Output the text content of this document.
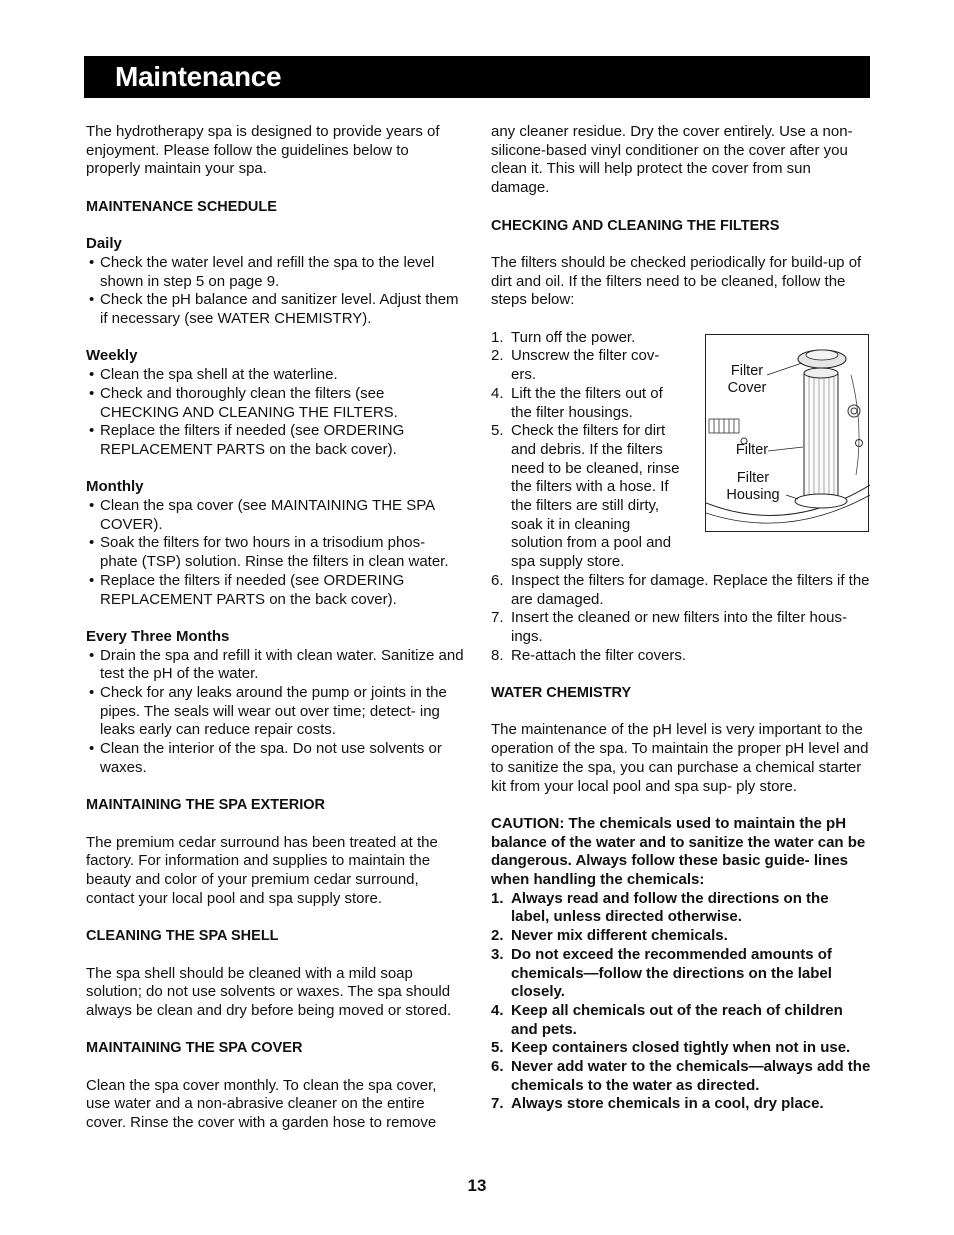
Maintenance

The hydrotherapy spa is designed to provide years of enjoyment. Please follow the guidelines below to properly maintain your spa.

MAINTENANCE SCHEDULE

Daily

• Check the water level and refill the spa to the level shown in step 5 on page 9.
• Check the pH balance and sanitizer level. Adjust them if necessary (see WATER CHEMISTRY).

Weekly

• Clean the spa shell at the waterline.
• Check and thoroughly clean the filters (see CHECKING AND CLEANING THE FILTERS.
• Replace the filters if needed (see ORDERING REPLACEMENT PARTS on the back cover).

Monthly

• Clean the spa cover (see MAINTAINING THE SPA COVER).
• Soak the filters for two hours in a trisodium phos- phate (TSP) solution. Rinse the filters in clean water.
• Replace the filters if needed (see ORDERING REPLACEMENT PARTS on the back cover).

Every Three Months

• Drain the spa and refill it with clean water. Sanitize and test the pH of the water.
• Check for any leaks around the pump or joints in the pipes. The seals will wear out over time; detect- ing leaks early can reduce repair costs.
• Clean the interior of the spa. Do not use solvents or waxes.

MAINTAINING THE SPA EXTERIOR

The premium cedar surround has been treated at the factory. For information and supplies to maintain the beauty and color of your premium cedar surround, contact your local pool and spa supply store.

CLEANING THE SPA SHELL

The spa shell should be cleaned with a mild soap solution; do not use solvents or waxes. The spa should always be clean and dry before being moved or stored.

MAINTAINING THE SPA COVER

Clean the spa cover monthly. To clean the spa cover, use water and a non-abrasive cleaner on the entire cover. Rinse the cover with a garden hose to remove

any cleaner residue. Dry the cover entirely. Use a non-silicone-based vinyl conditioner on the cover after you clean it. This will help protect the cover from sun damage.

CHECKING AND CLEANING THE FILTERS

The filters should be checked periodically for build-up of dirt and oil. If the filters need to be cleaned, follow the steps below:

1. Turn off the power.
2. Unscrew the filter cov- ers.
4. Lift the the filters out of the filter housings.
5. Check the filters for dirt and debris. If the filters need to be cleaned, rinse the filters with a hose. If the filters are still dirty, soak it in cleaning solution from a pool and spa supply store.
6. Inspect the filters for damage. Replace the filters if the are damaged.
7. Insert the cleaned or new filters into the filter hous- ings.
8. Re-attach the filter covers.

WATER CHEMISTRY

The maintenance of the pH level is very important to the operation of the spa. To maintain the proper pH level and to sanitize the spa, you can purchase a chemical starter kit from your local pool and spa sup- ply store.

CAUTION: The chemicals used to maintain the pH balance of the water and to sanitize the water can be dangerous. Always follow these basic guide- lines when handling the chemicals:

1. Always read and follow the directions on the label, unless directed otherwise.
2. Never mix different chemicals.
3. Do not exceed the recommended amounts of chemicals—follow the directions on the label closely.
4. Keep all chemicals out of the reach of children and pets.
5. Keep containers closed tightly when not in use.
6. Never add water to the chemicals—always add the chemicals to the water as directed.
7. Always store chemicals in a cool, dry place.
Filter Cover
Filter
Filter Housing
13
